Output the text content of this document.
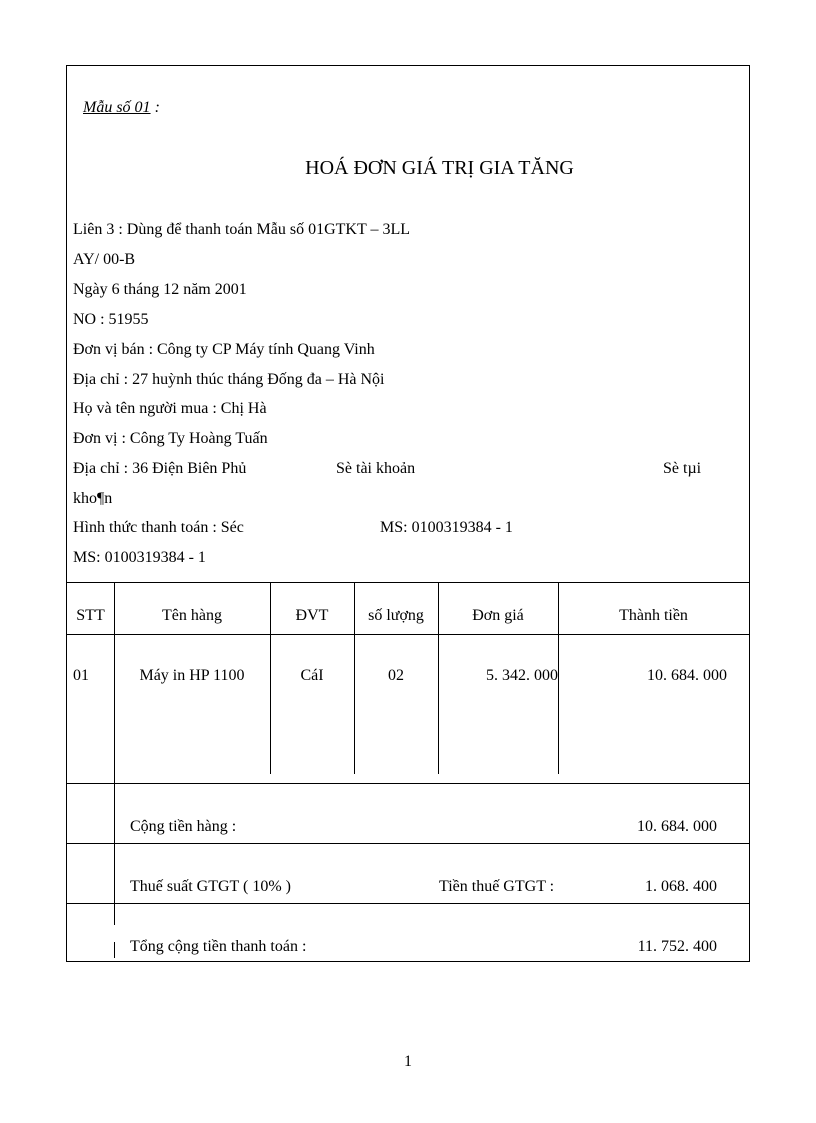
Mẫu số 01 :
HOÁ ĐƠN GIÁ TRỊ GIA TĂNG
Liên 3 : Dùng để thanh toán Mẫu số 01GTKT – 3LL
AY/ 00-B
Ngày 6 tháng 12 năm 2001
NO : 51955
Đơn vị bán : Công ty CP Máy tính Quang Vinh
Địa chỉ : 27 huỳnh thúc tháng Đống đa – Hà Nội
Họ và tên người mua : Chị Hà
Đơn vị : Công Ty Hoàng Tuấn
Địa chỉ : 36 Điện Biên Phủ	Sè tài khoản	Sè tµi
kho¶n
Hình thức thanh toán : Séc	MS: 0100319384 - 1
MS: 0100319384 - 1
STT	Tên hàng	ĐVT	số lượng	Đơn giá	Thành tiền
01	Máy in HP 1100	CáI	02	5. 342. 000	10. 684. 000
Cộng tiền hàng :	10. 684. 000
Thuế suất GTGT ( 10% )	Tiền thuế GTGT :	1. 068. 400
Tổng cộng tiền thanh toán :	11. 752. 400
1
